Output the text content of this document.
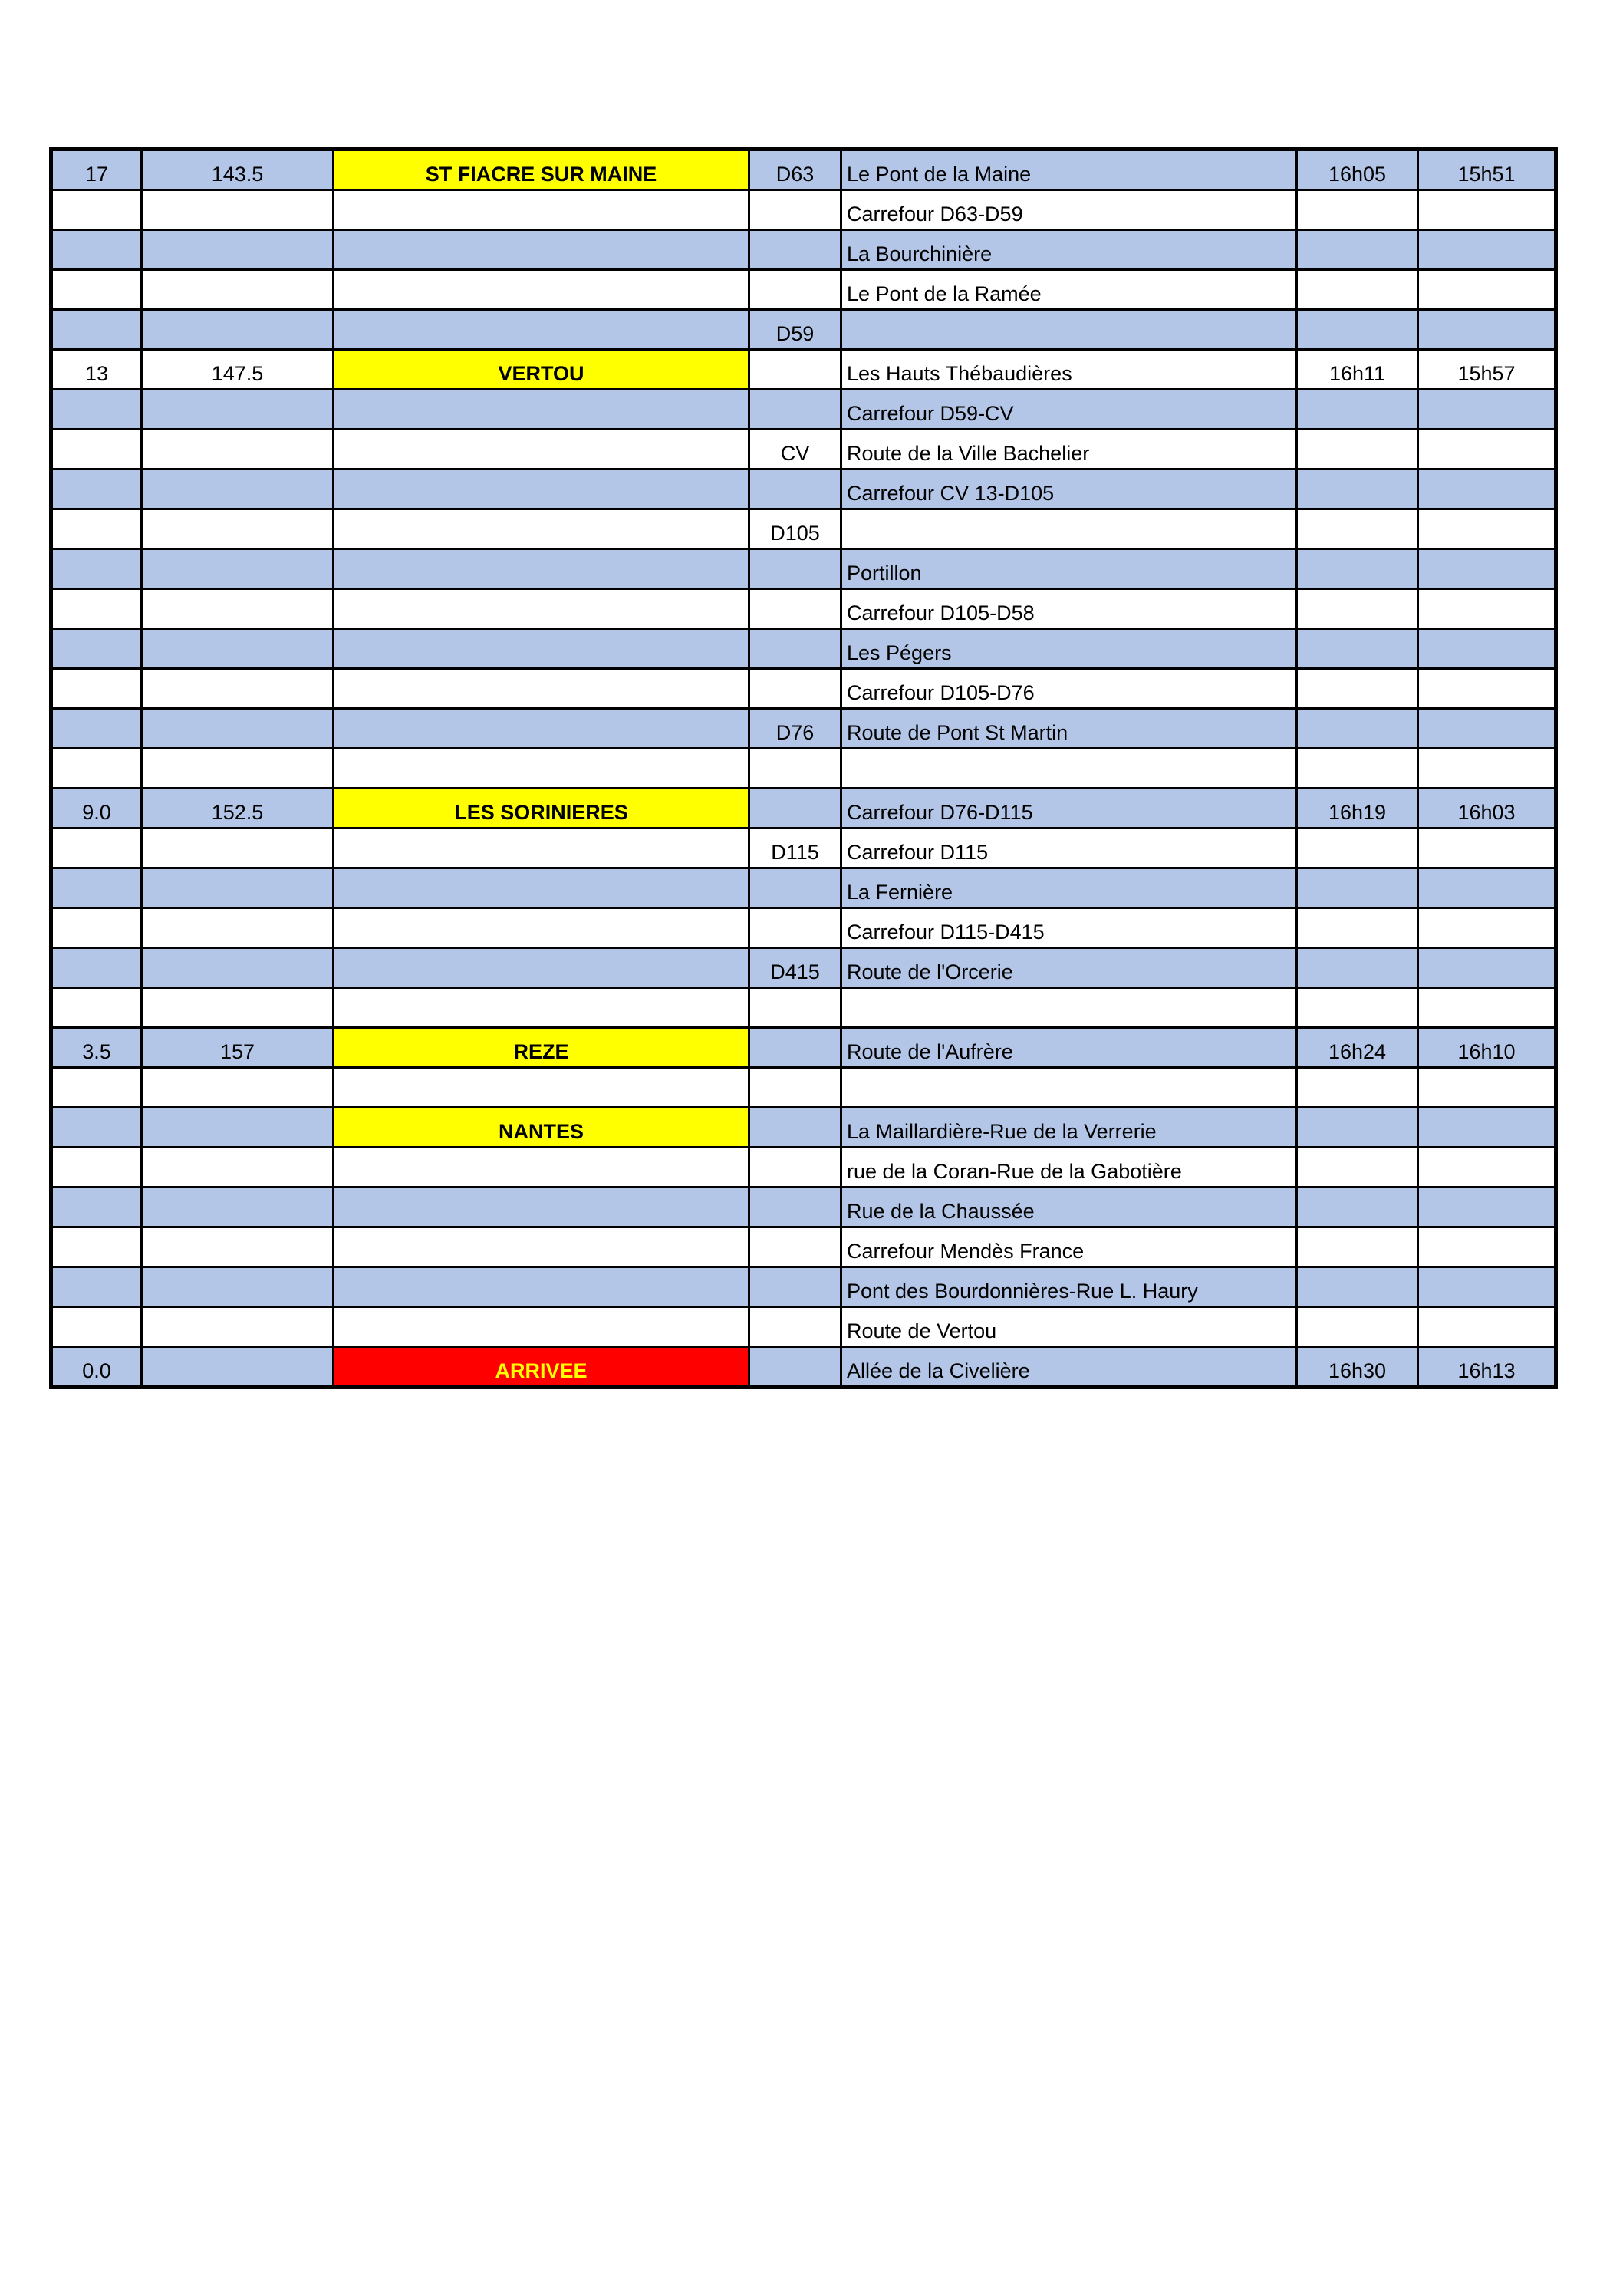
17	143.5	ST FIACRE SUR MAINE	D63	Le Pont de la Maine	16h05	15h51
				Carrefour D63-D59		
				La Bourchinière		
				Le Pont de la Ramée		
			D59			
13	147.5	VERTOU		Les Hauts Thébaudières	16h11	15h57
				Carrefour D59-CV		
			CV	Route de la Ville Bachelier		
				Carrefour CV 13-D105		
			D105			
				Portillon		
				Carrefour D105-D58		
				Les Pégers		
				Carrefour D105-D76		
			D76	Route de Pont St Martin		

9.0	152.5	LES SORINIERES		Carrefour D76-D115	16h19	16h03
			D115	Carrefour D115		
				La Fernière		
				Carrefour D115-D415		
			D415	Route de l'Orcerie		

3.5	157	REZE		Route de l'Aufrère	16h24	16h10

		NANTES		La Maillardière-Rue de la Verrerie		
				rue de la Coran-Rue de la Gabotière		
				Rue de la Chaussée		
				Carrefour Mendès France		
				Pont des Bourdonnières-Rue L. Haury		
				Route de Vertou		
0.0		ARRIVEE		Allée de la Civelière	16h30	16h13
